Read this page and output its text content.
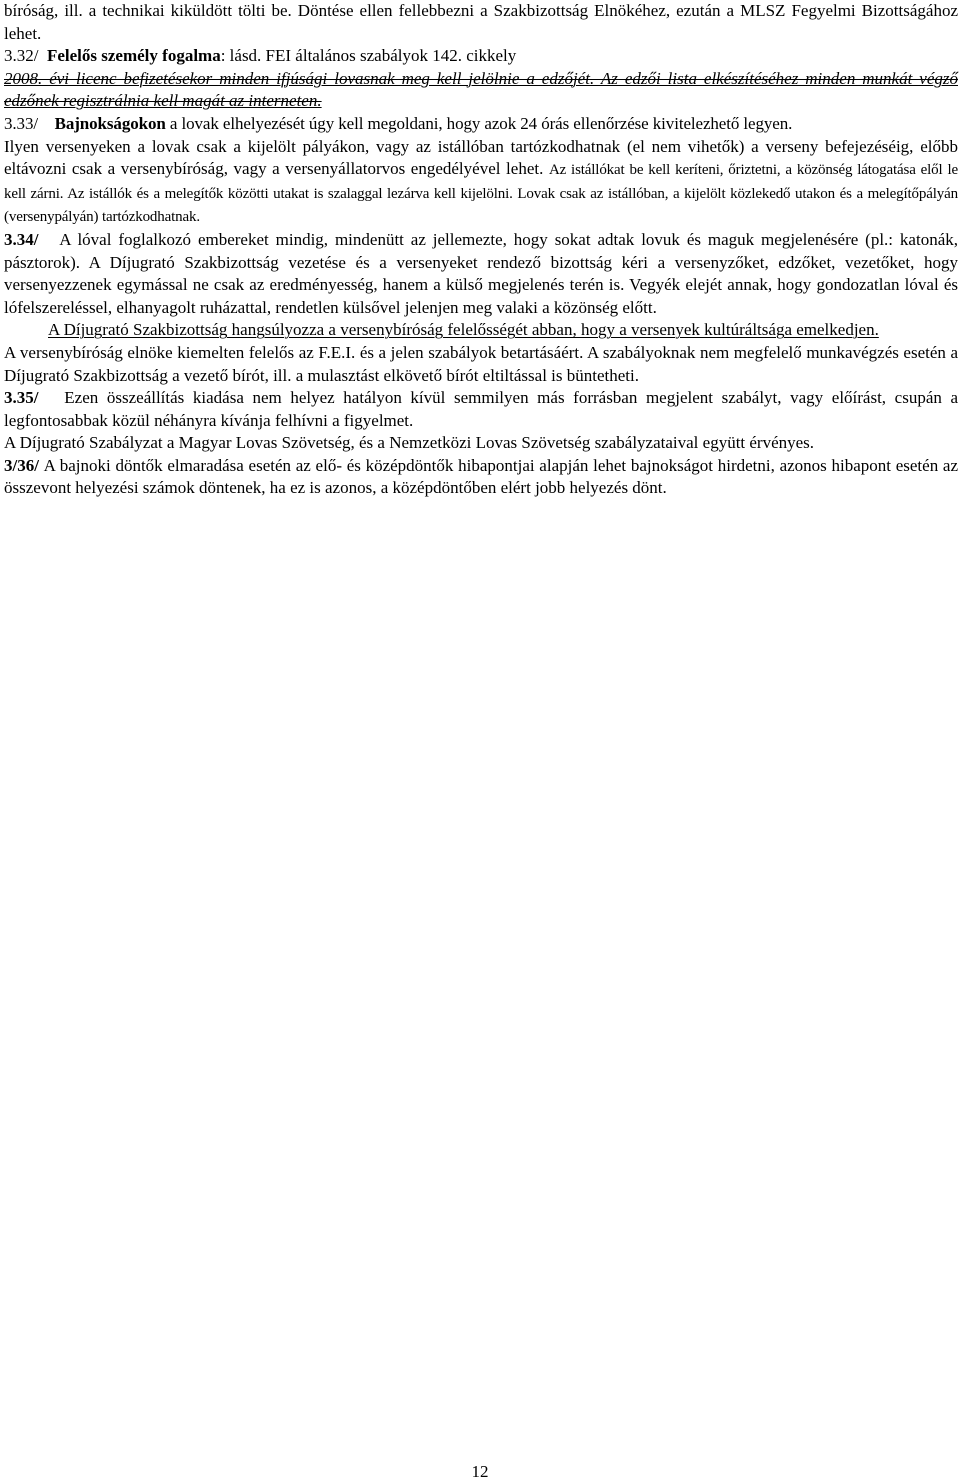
bíróság, ill. a technikai kiküldött tölti be. Döntése ellen fellebbezni a Szakbizottság Elnökéhez, ezután a MLSZ Fegyelmi Bizottságához lehet.

3.32/ Felelős személy fogalma: lásd. FEI általános szabályok 142. cikkely

2008. évi licenc befizetésekor minden ifjúsági lovasnak meg kell jelölnie a edzőjét. Az edzői lista elkészítéséhez minden munkát végző edzőnek regisztrálnia kell magát az interneten.

3.33/ Bajnokságokon a lovak elhelyezését úgy kell megoldani, hogy azok 24 órás ellenőrzése kivitelezhető legyen.

Ilyen versenyeken a lovak csak a kijelölt pályákon, vagy az istállóban tartózkodhatnak (el nem vihetők) a verseny befejezéséig, előbb eltávozni csak a versenybíróság, vagy a versenyállatorvos engedélyével lehet. Az istállókat be kell keríteni, őriztetni, a közönség látogatása elől le kell zárni. Az istállók és a melegítők közötti utakat is szalaggal lezárva kell kijelölni. Lovak csak az istállóban, a kijelölt közlekedő utakon és a melegítőpályán (versenypályán) tartózkodhatnak.

3.34/ A lóval foglalkozó embereket mindig, mindenütt az jellemezte, hogy sokat adtak lovuk és maguk megjelenésére (pl.: katonák, pásztorok). A Díjugrató Szakbizottság vezetése és a versenyeket rendező bizottság kéri a versenyzőket, edzőket, vezetőket, hogy versenyezzenek egymással ne csak az eredményesség, hanem a külső megjelenés terén is. Vegyék elejét annak, hogy gondozatlan lóval és lófelszereléssel, elhanyagolt ruházattal, rendetlen külsővel jelenjen meg valaki a közönség előtt.

A Díjugrató Szakbizottság hangsúlyozza a versenybíróság felelősségét abban, hogy a versenyek kultúráltsága emelkedjen.

A versenybíróság elnöke kiemelten felelős az F.E.I. és a jelen szabályok betartásáért. A szabályoknak nem megfelelő munkavégzés esetén a Díjugrató Szakbizottság a vezető bírót, ill. a mulasztást elkövető bírót eltiltással is büntetheti.

3.35/ Ezen összeállítás kiadása nem helyez hatályon kívül semmilyen más forrásban megjelent szabályt, vagy előírást, csupán a legfontosabbak közül néhányra kívánja felhívni a figyelmet.

A Díjugrató Szabályzat a Magyar Lovas Szövetség, és a Nemzetközi Lovas Szövetség szabályzataival együtt érvényes.

3/36/ A bajnoki döntők elmaradása esetén az elő- és középdöntők hibapontjai alapján lehet bajnokságot hirdetni, azonos hibapont esetén az összevont helyezési számok döntenek, ha ez is azonos, a középdöntőben elért jobb helyezés dönt.

12
